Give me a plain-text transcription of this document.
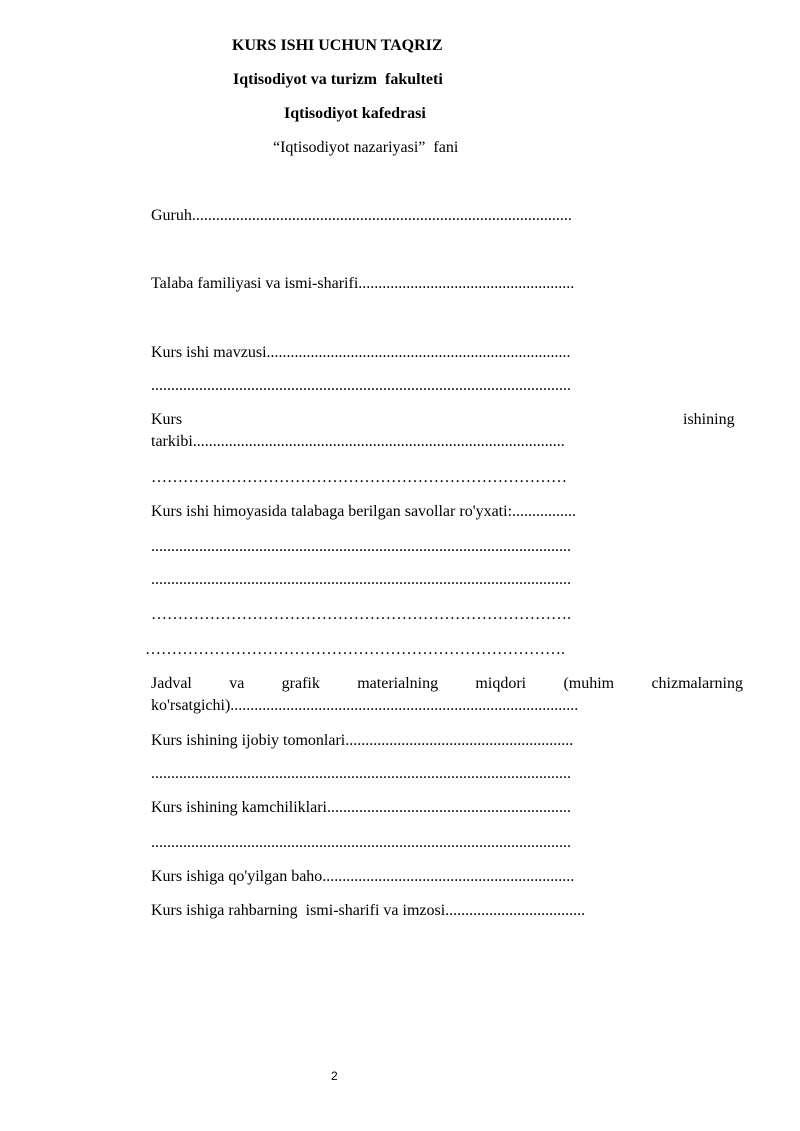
KURS ISHI UCHUN TAQRIZ
Iqtisodiyot va turizm  fakulteti
Iqtisodiyot kafedrasi
“Iqtisodiyot nazariyasi”  fani
Guruh...............................................................................................
Talaba familiyasi va ismi-sharifi......................................................
Kurs ishi mavzusi............................................................................
.........................................................................................................
Kurs	ishining
tarkibi.............................................................................................
……………………………………………………………………
Kurs ishi himoyasida talabaga berilgan savollar ro'yxati:................
.........................................................................................................
.........................................................................................................
…………………………………………………………………….
…………………………………………………………………….
Jadval va grafik materialning miqdori (muhim chizmalarning
ko'rsatgichi).......................................................................................
Kurs ishining ijobiy tomonlari.........................................................
.........................................................................................................
Kurs ishining kamchiliklari.............................................................
.........................................................................................................
Kurs ishiga qo'yilgan baho...............................................................
Kurs ishiga rahbarning  ismi-sharifi va imzosi...................................
2
